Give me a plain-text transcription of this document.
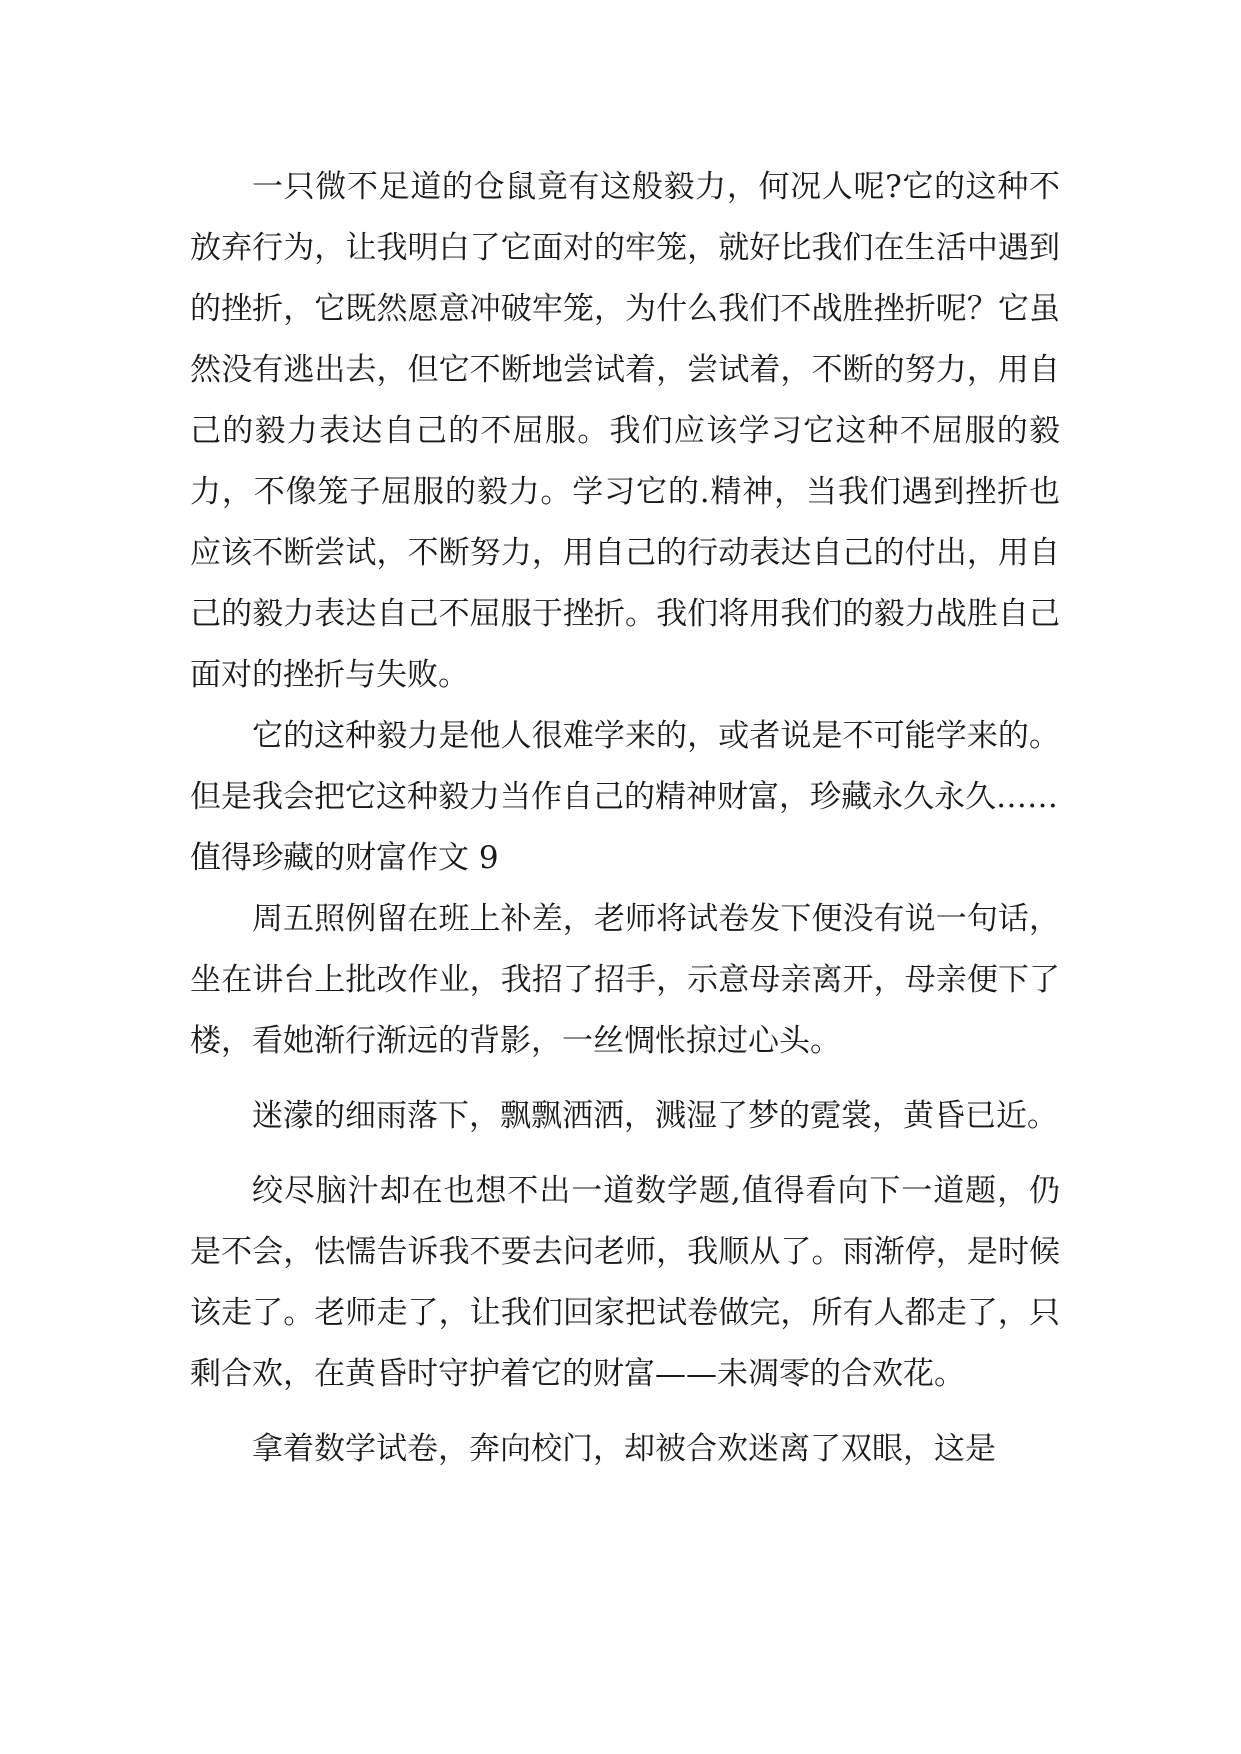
一只微不足道的仓鼠竟有这般毅力，何况人呢?它的这种不放弃行为，让我明白了它面对的牢笼，就好比我们在生活中遇到的挫折，它既然愿意冲破牢笼，为什么我们不战胜挫折呢？它虽然没有逃出去，但它不断地尝试着，尝试着，不断的努力，用自己的毅力表达自己的不屈服。我们应该学习它这种不屈服的毅力，不像笼子屈服的毅力。学习它的.精神，当我们遇到挫折也应该不断尝试，不断努力，用自己的行动表达自己的付出，用自己的毅力表达自己不屈服于挫折。我们将用我们的毅力战胜自己面对的挫折与失败。

它的这种毅力是他人很难学来的，或者说是不可能学来的。但是我会把它这种毅力当作自己的精神财富，珍藏永久永久……

值得珍藏的财富作文 9

周五照例留在班上补差，老师将试卷发下便没有说一句话，坐在讲台上批改作业，我招了招手，示意母亲离开，母亲便下了楼，看她渐行渐远的背影，一丝惆怅掠过心头。

迷濛的细雨落下，飘飘洒洒，溅湿了梦的霓裳，黄昏已近。

绞尽脑汁却在也想不出一道数学题,值得看向下一道题，仍是不会，怯懦告诉我不要去问老师，我顺从了。雨渐停，是时候该走了。老师走了，让我们回家把试卷做完，所有人都走了，只剩合欢，在黄昏时守护着它的财富——未凋零的合欢花。

拿着数学试卷，奔向校门，却被合欢迷离了双眼，这是
